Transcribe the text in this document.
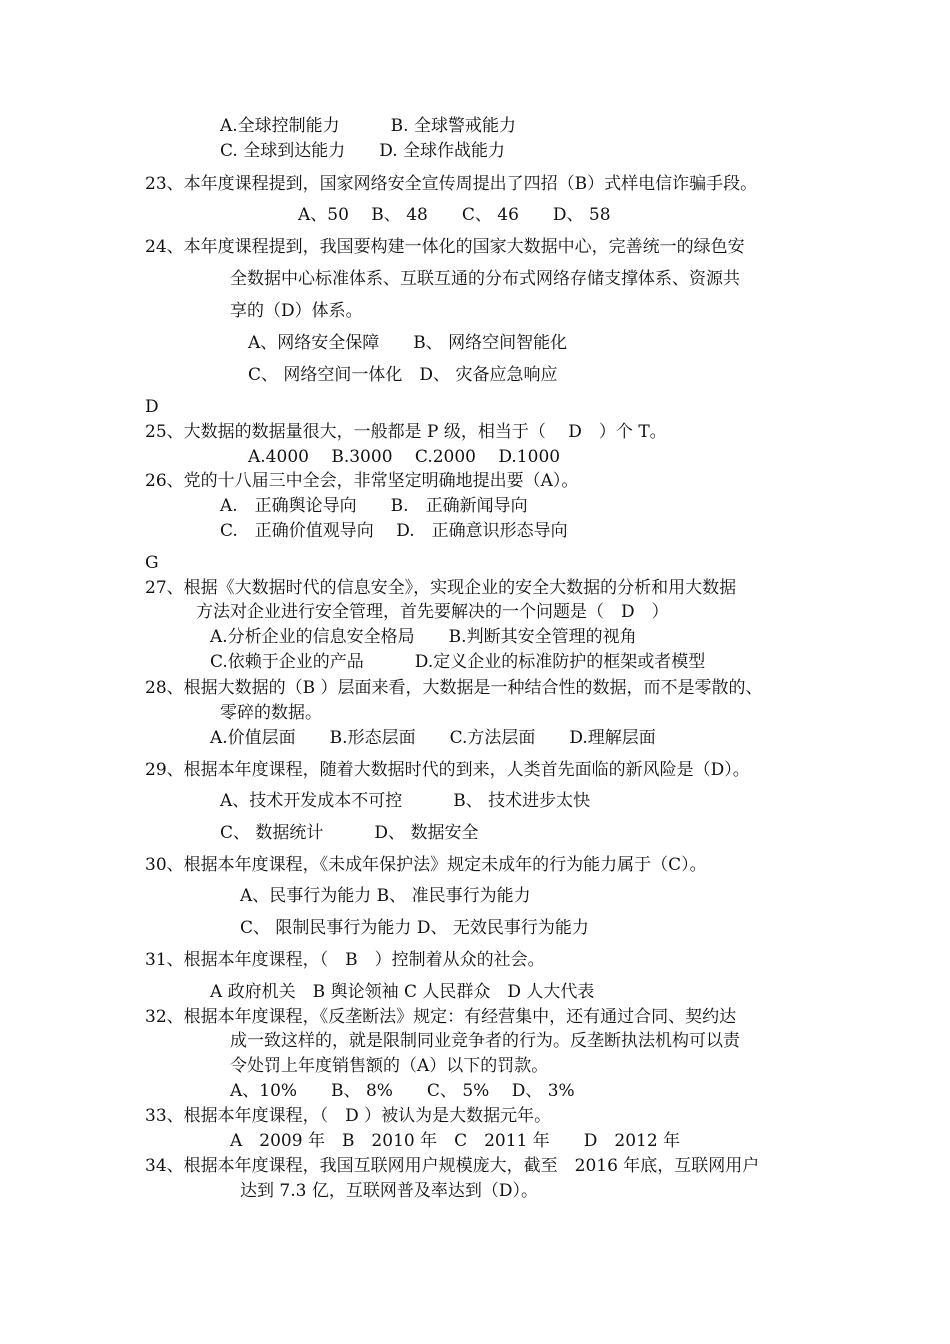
A.全球控制能力　　　B. 全球警戒能力
C. 全球到达能力　　D. 全球作战能力
23、本年度课程提到，国家网络安全宣传周提出了四招（B）式样电信诈骗手段。
A、50　 B、 48　　C、 46　　D、 58
24、本年度课程提到，我国要构建一体化的国家大数据中心，完善统一的绿色安
全数据中心标准体系、互联互通的分布式网络存储支撑体系、资源共
享的（D）体系。
A、网络安全保障　　B、 网络空间智能化
C、 网络空间一体化　D、 灾备应急响应
D
25、大数据的数据量很大，一般都是 P 级，相当于（　 D　）个 T。
A.4000　 B.3000　 C.2000　 D.1000
26、党的十八届三中全会，非常坚定明确地提出要（A）。
A.　正确舆论导向　　B.　正确新闻导向
C.　正确价值观导向　 D.　正确意识形态导向
G
27、根据《大数据时代的信息安全》，实现企业的安全大数据的分析和用大数据
方法对企业进行安全管理，首先要解决的一个问题是（　D　）
A.分析企业的信息安全格局　　B.判断其安全管理的视角
C.依赖于企业的产品　　　D.定义企业的标准防护的框架或者模型
28、根据大数据的（B ）层面来看，大数据是一种结合性的数据，而不是零散的、
零碎的数据。
A.价值层面　　B.形态层面　　C.方法层面　　D.理解层面
29、根据本年度课程，随着大数据时代的到来，人类首先面临的新风险是（D）。
A、技术开发成本不可控　　　B、 技术进步太快
C、 数据统计　　　D、 数据安全
30、根据本年度课程，《未成年保护法》规定未成年的行为能力属于（C）。
A、民事行为能力 B、 准民事行为能力
C、 限制民事行为能力 D、 无效民事行为能力
31、根据本年度课程，（　B　）控制着从众的社会。
A 政府机关　B 舆论领袖 C 人民群众　D 人大代表
32、根据本年度课程，《反垄断法》规定：有经营集中，还有通过合同、契约达
成一致这样的，就是限制同业竞争者的行为。反垄断执法机构可以责
令处罚上年度销售额的（A）以下的罚款。
A、10%　　B、 8%　　C、 5%　 D、 3%
33、根据本年度课程，（　D ）被认为是大数据元年。
A　2009 年　B　2010 年　C　2011 年　　D　2012 年
34、根据本年度课程，我国互联网用户规模庞大，截至　2016 年底，互联网用户
达到 7.3 亿，互联网普及率达到（D）。
